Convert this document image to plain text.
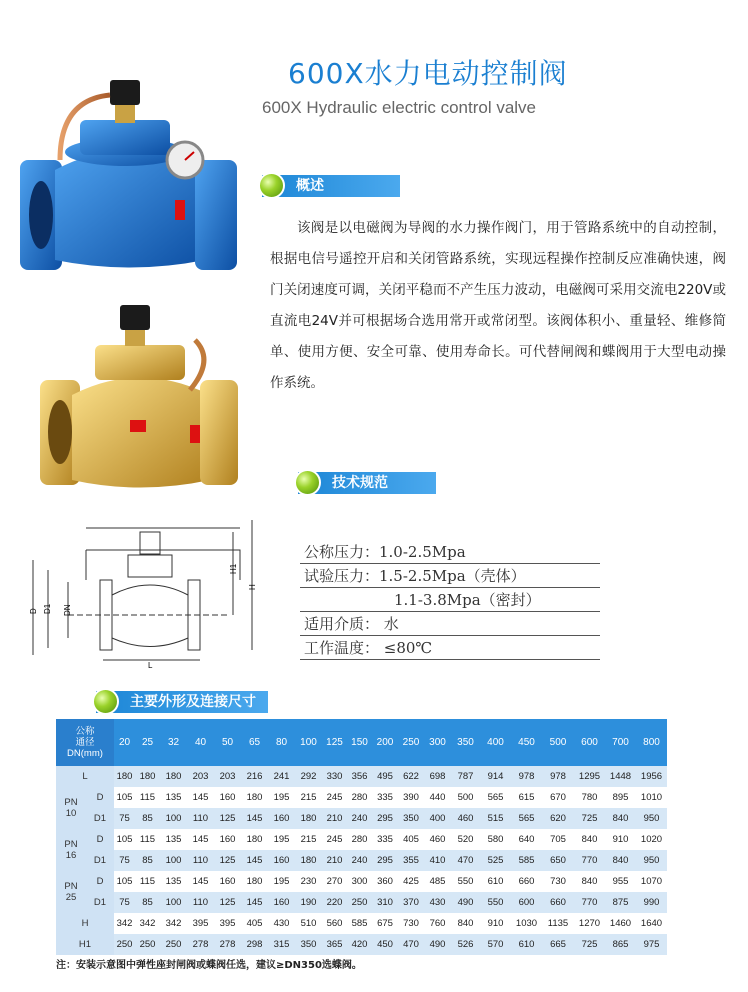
600X水力电动控制阀
600X Hydraulic electric control valve
概述

该阀是以电磁阀为导阀的水力操作阀门，用于管路系统中的自动控制，根据电信号遥控开启和关闭管路系统，实现远程操作控制反应准确快速，阀门关闭速度可调，关闭平稳而不产生压力波动，电磁阀可采用交流电220V或直流电24V并可根据场合选用常开或常闭型。该阀体积小、重量轻、维修简单、使用方便、安全可靠、使用寿命长。可代替闸阀和蝶阀用于大型电动操作系统。

技术规范
D D1 DN
L
H1
H
公称压力：1.0-2.5Mpa
试验压力：1.5-2.5Mpa（壳体）
1.1-3.8Mpa（密封）
适用介质： 水
工作温度： ≤80℃
主要外形及连接尺寸
公称
通径
DN(mm)		20	25	32	40	50	65	80	100	125	150	200	250	300	350	400	450	500	600	700	800
L		180	180	180	203	203	216	241	292	330	356	495	622	698	787	914	978	978	1295	1448	1956
PN
10	D	105	115	135	145	160	180	195	215	245	280	335	390	440	500	565	615	670	780	895	1010
	D1	75	85	100	110	125	145	160	180	210	240	295	350	400	460	515	565	620	725	840	950
PN
16	D	105	115	135	145	160	180	195	215	245	280	335	405	460	520	580	640	705	840	910	1020
	D1	75	85	100	110	125	145	160	180	210	240	295	355	410	470	525	585	650	770	840	950
PN
25	D	105	115	135	145	160	180	195	230	270	300	360	425	485	550	610	660	730	840	955	1070
	D1	75	85	100	110	125	145	160	190	220	250	310	370	430	490	550	600	660	770	875	990
H		342	342	342	395	395	405	430	510	560	585	675	730	760	840	910	1030	1135	1270	1460	1640
H1		250	250	250	278	278	298	315	350	365	420	450	470	490	526	570	610	665	725	865	975
注：安装示意图中弹性座封闸阀或蝶阀任选，建议≥DN350选蝶阀。
